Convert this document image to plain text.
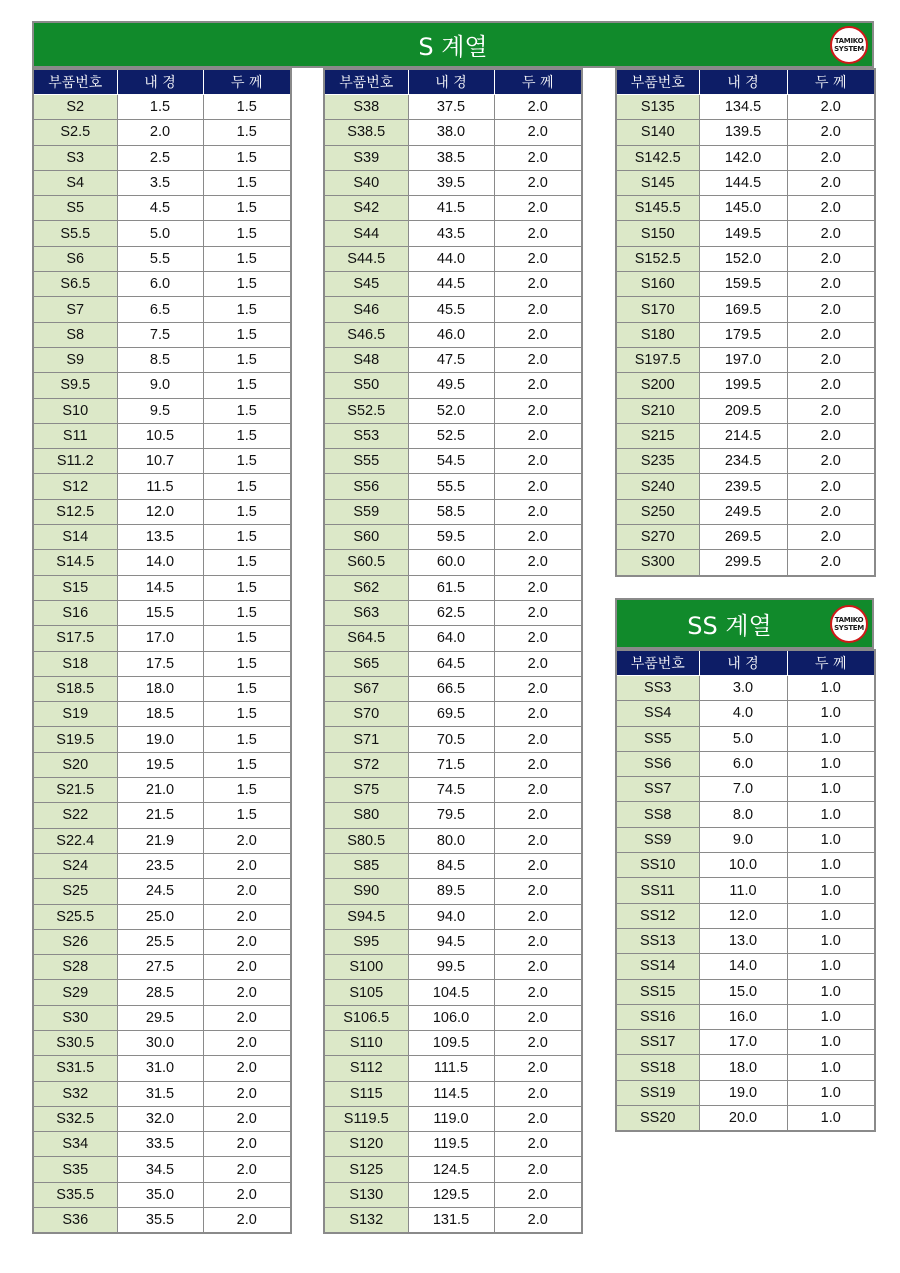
S 계열	TAMIKO
SYSTEM
부품번호	내 경	두 께
S2	1.5	1.5
S2.5	2.0	1.5
S3	2.5	1.5
S4	3.5	1.5
S5	4.5	1.5
S5.5	5.0	1.5
S6	5.5	1.5
S6.5	6.0	1.5
S7	6.5	1.5
S8	7.5	1.5
S9	8.5	1.5
S9.5	9.0	1.5
S10	9.5	1.5
S11	10.5	1.5
S11.2	10.7	1.5
S12	11.5	1.5
S12.5	12.0	1.5
S14	13.5	1.5
S14.5	14.0	1.5
S15	14.5	1.5
S16	15.5	1.5
S17.5	17.0	1.5
S18	17.5	1.5
S18.5	18.0	1.5
S19	18.5	1.5
S19.5	19.0	1.5
S20	19.5	1.5
S21.5	21.0	1.5
S22	21.5	1.5
S22.4	21.9	2.0
S24	23.5	2.0
S25	24.5	2.0
S25.5	25.0	2.0
S26	25.5	2.0
S28	27.5	2.0
S29	28.5	2.0
S30	29.5	2.0
S30.5	30.0	2.0
S31.5	31.0	2.0
S32	31.5	2.0
S32.5	32.0	2.0
S34	33.5	2.0
S35	34.5	2.0
S35.5	35.0	2.0
S36	35.5	2.0
부품번호	내 경	두 께
S38	37.5	2.0
S38.5	38.0	2.0
S39	38.5	2.0
S40	39.5	2.0
S42	41.5	2.0
S44	43.5	2.0
S44.5	44.0	2.0
S45	44.5	2.0
S46	45.5	2.0
S46.5	46.0	2.0
S48	47.5	2.0
S50	49.5	2.0
S52.5	52.0	2.0
S53	52.5	2.0
S55	54.5	2.0
S56	55.5	2.0
S59	58.5	2.0
S60	59.5	2.0
S60.5	60.0	2.0
S62	61.5	2.0
S63	62.5	2.0
S64.5	64.0	2.0
S65	64.5	2.0
S67	66.5	2.0
S70	69.5	2.0
S71	70.5	2.0
S72	71.5	2.0
S75	74.5	2.0
S80	79.5	2.0
S80.5	80.0	2.0
S85	84.5	2.0
S90	89.5	2.0
S94.5	94.0	2.0
S95	94.5	2.0
S100	99.5	2.0
S105	104.5	2.0
S106.5	106.0	2.0
S110	109.5	2.0
S112	111.5	2.0
S115	114.5	2.0
S119.5	119.0	2.0
S120	119.5	2.0
S125	124.5	2.0
S130	129.5	2.0
S132	131.5	2.0
부품번호	내 경	두 께
S135	134.5	2.0
S140	139.5	2.0
S142.5	142.0	2.0
S145	144.5	2.0
S145.5	145.0	2.0
S150	149.5	2.0
S152.5	152.0	2.0
S160	159.5	2.0
S170	169.5	2.0
S180	179.5	2.0
S197.5	197.0	2.0
S200	199.5	2.0
S210	209.5	2.0
S215	214.5	2.0
S235	234.5	2.0
S240	239.5	2.0
S250	249.5	2.0
S270	269.5	2.0
S300	299.5	2.0
SS 계열	TAMIKO
SYSTEM
부품번호	내 경	두 께
SS3	3.0	1.0
SS4	4.0	1.0
SS5	5.0	1.0
SS6	6.0	1.0
SS7	7.0	1.0
SS8	8.0	1.0
SS9	9.0	1.0
SS10	10.0	1.0
SS11	11.0	1.0
SS12	12.0	1.0
SS13	13.0	1.0
SS14	14.0	1.0
SS15	15.0	1.0
SS16	16.0	1.0
SS17	17.0	1.0
SS18	18.0	1.0
SS19	19.0	1.0
SS20	20.0	1.0
